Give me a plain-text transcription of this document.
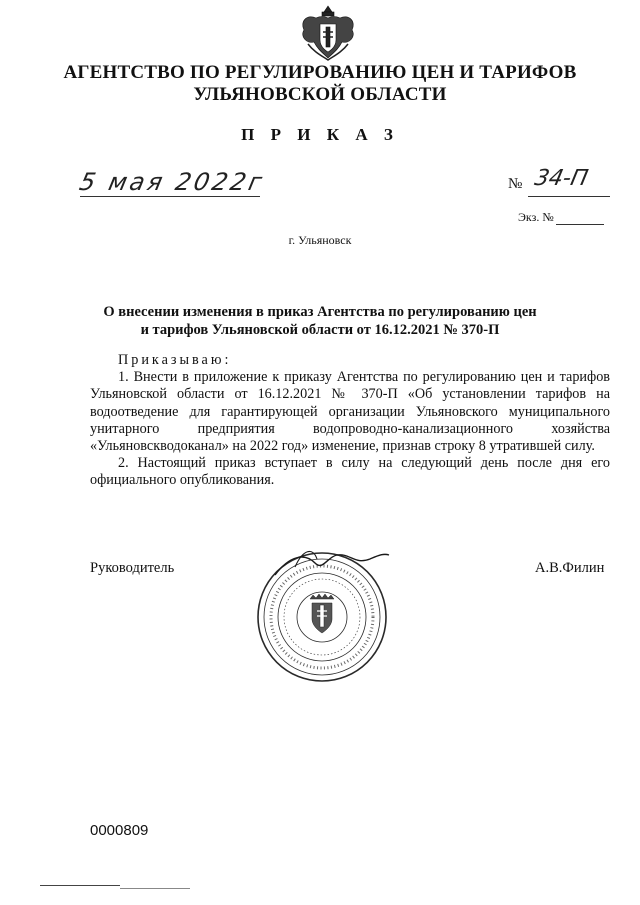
АГЕНТСТВО ПО РЕГУЛИРОВАНИЮ ЦЕН И ТАРИФОВ
УЛЬЯНОВСКОЙ ОБЛАСТИ
П Р И К А З
5 мая 2022г	№ 34-П
Экз. №
г. Ульяновск
О внесении изменения в приказ Агентства по регулированию цен
и тарифов Ульяновской области от 16.12.2021 № 370-П

Приказываю:

1. Внести в приложение к приказу Агентства по регулированию цен и тарифов Ульяновской области от 16.12.2021 № 370-П «Об установлении тарифов на водоотведение для гарантирующей организации Ульяновского муниципального унитарного предприятия водопроводно-канализационного хозяйства «Ульяновскводоканал» на 2022 год» изменение, признав строку 8 утратившей силу.

2. Настоящий приказ вступает в силу на следующий день после дня его официального опубликования.

Руководитель	А.В.Филин
0000809
